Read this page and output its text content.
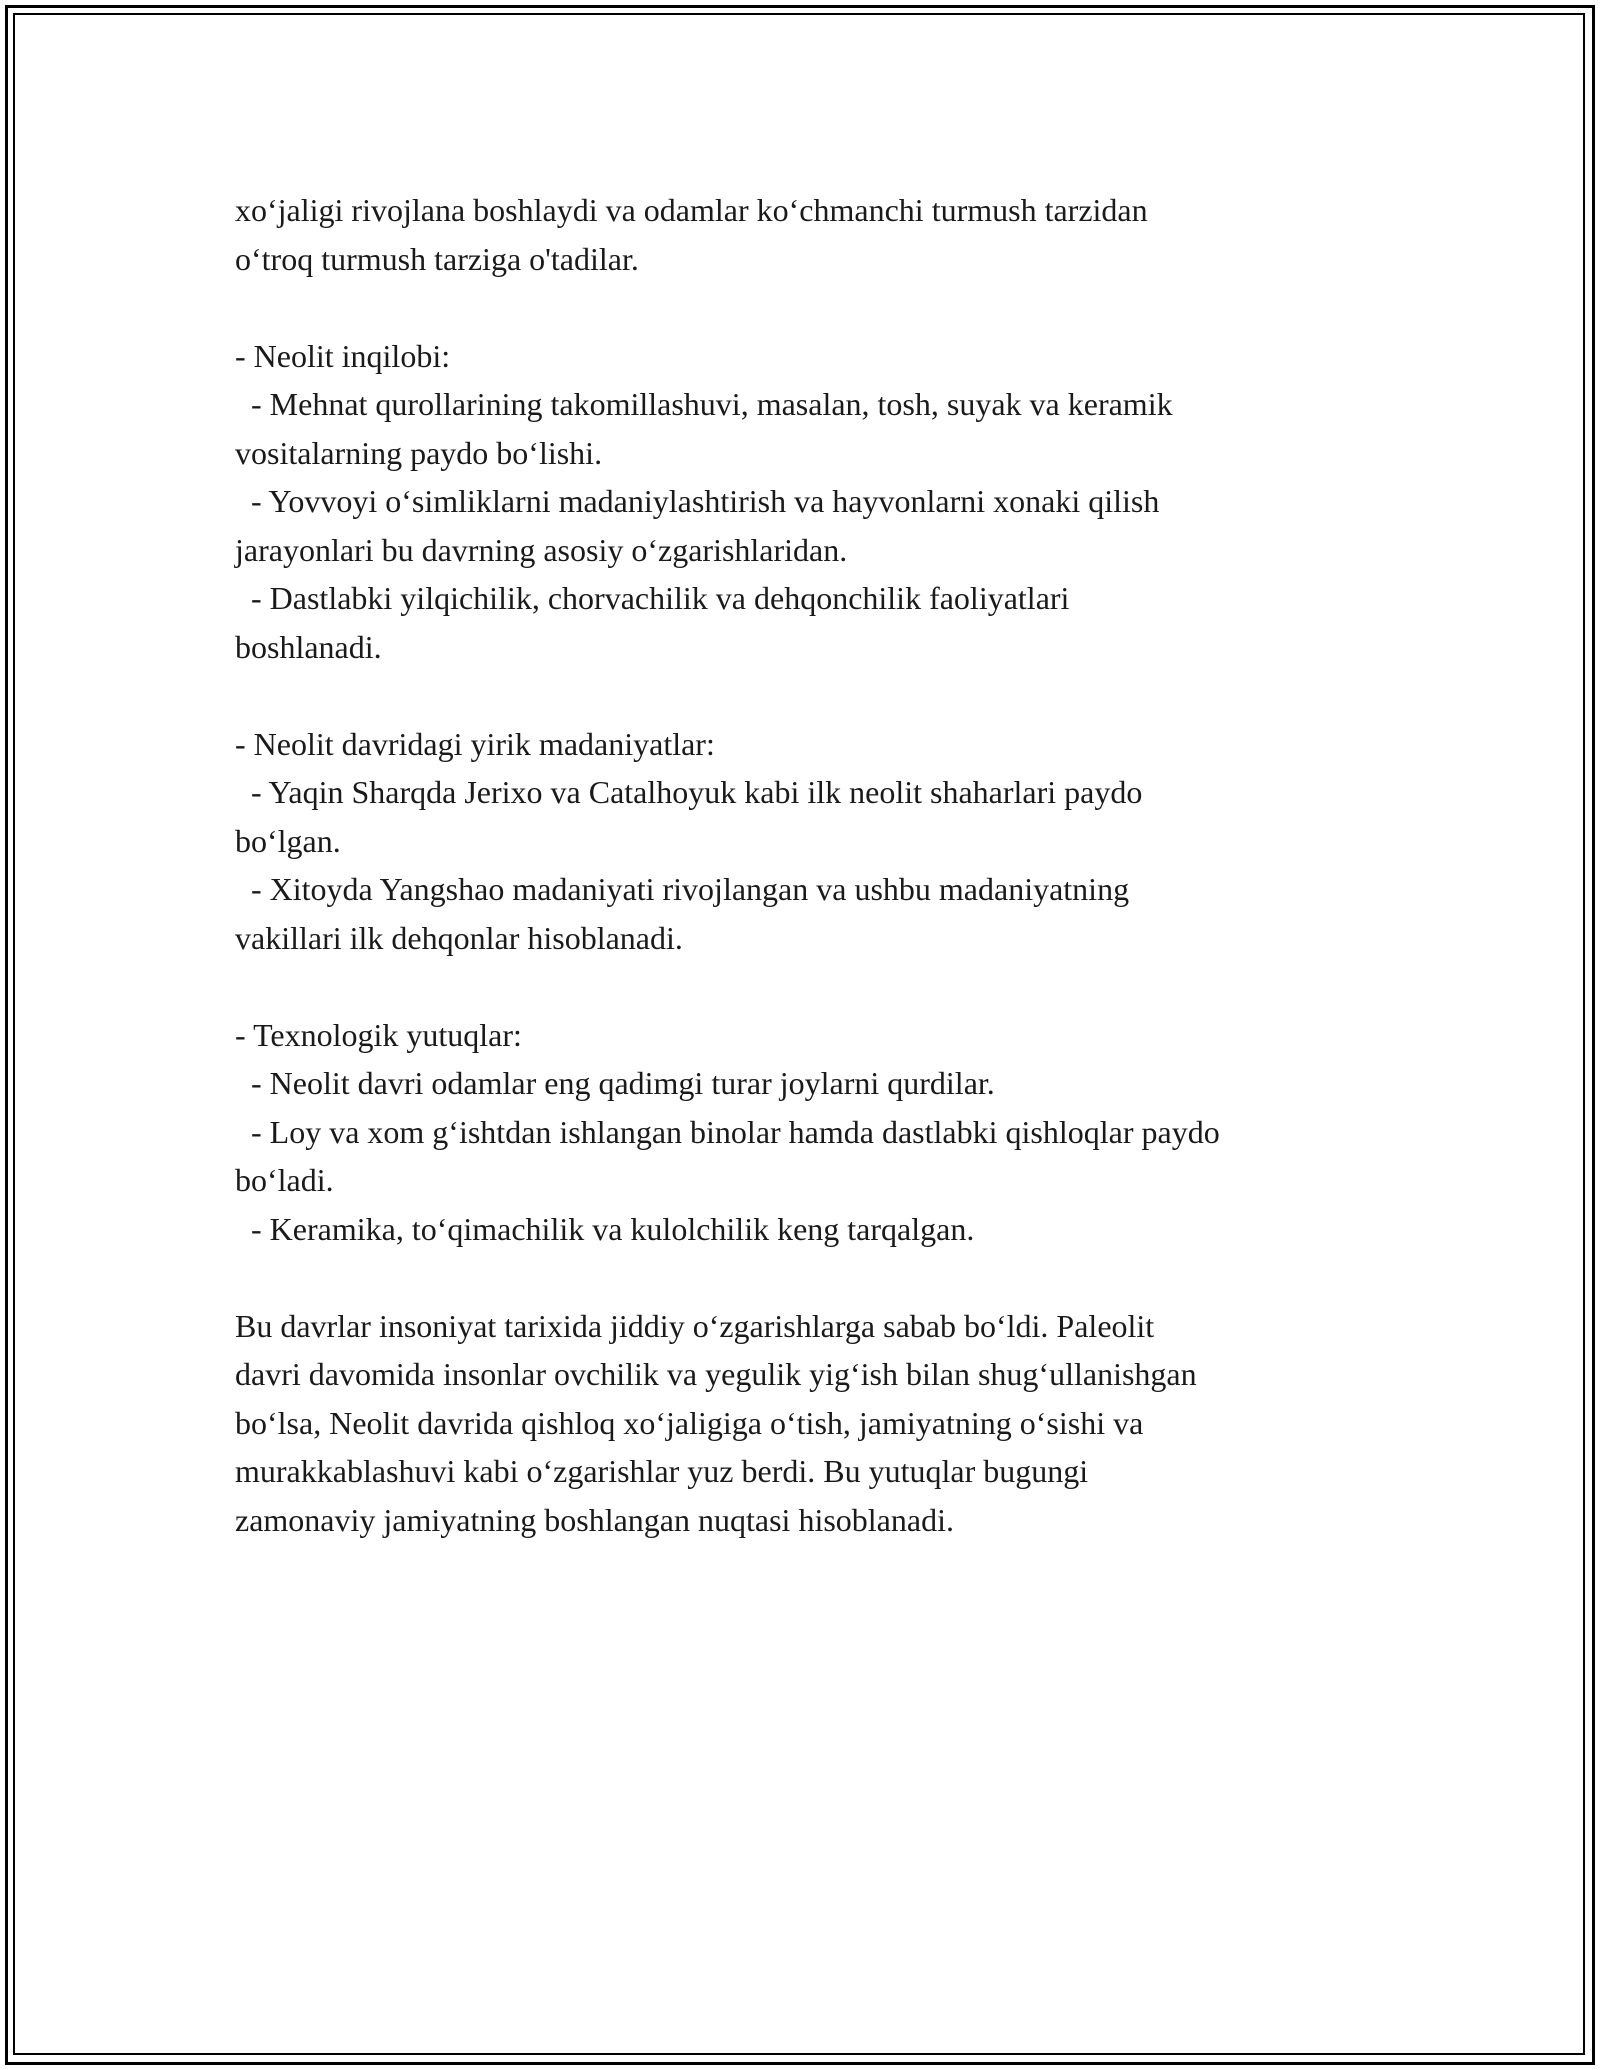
xo‘jaligi rivojlana boshlaydi va odamlar ko‘chmanchi turmush tarzidan
o‘troq turmush tarziga o'tadilar.
- Neolit inqilobi:
- Mehnat qurollarining takomillashuvi, masalan, tosh, suyak va keramik
vositalarning paydo bo‘lishi.
- Yovvoyi o‘simliklarni madaniylashtirish va hayvonlarni xonaki qilish
jarayonlari bu davrning asosiy o‘zgarishlaridan.
- Dastlabki yilqichilik, chorvachilik va dehqonchilik faoliyatlari
boshlanadi.
- Neolit davridagi yirik madaniyatlar:
- Yaqin Sharqda Jerixo va Catalhoyuk kabi ilk neolit shaharlari paydo
bo‘lgan.
- Xitoyda Yangshao madaniyati rivojlangan va ushbu madaniyatning
vakillari ilk dehqonlar hisoblanadi.
- Texnologik yutuqlar:
- Neolit davri odamlar eng qadimgi turar joylarni qurdilar.
- Loy va xom g‘ishtdan ishlangan binolar hamda dastlabki qishloqlar paydo
bo‘ladi.
- Keramika, to‘qimachilik va kulolchilik keng tarqalgan.
Bu davrlar insoniyat tarixida jiddiy o‘zgarishlarga sabab bo‘ldi. Paleolit
davri davomida insonlar ovchilik va yegulik yig‘ish bilan shug‘ullanishgan
bo‘lsa, Neolit davrida qishloq xo‘jaligiga o‘tish, jamiyatning o‘sishi va
murakkablashuvi kabi o‘zgarishlar yuz berdi. Bu yutuqlar bugungi
zamonaviy jamiyatning boshlangan nuqtasi hisoblanadi.
